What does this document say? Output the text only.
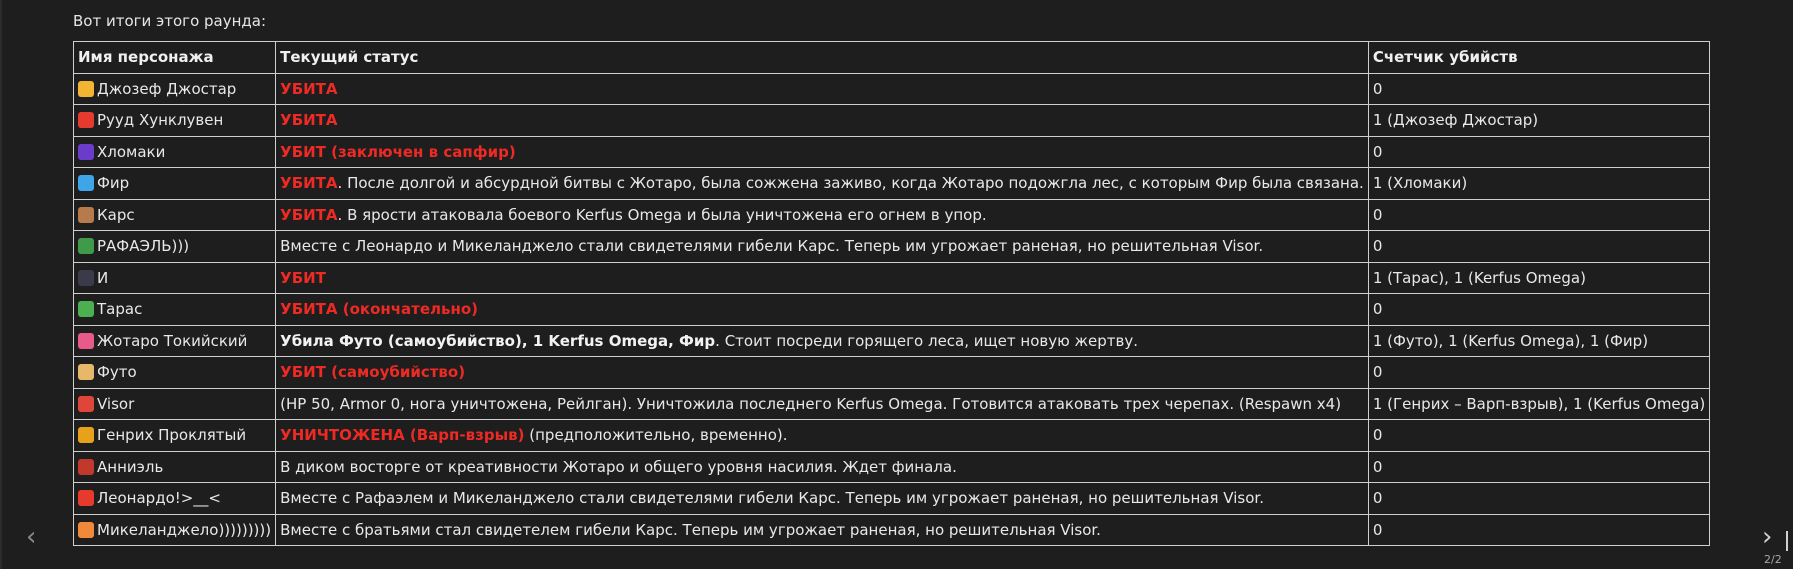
Вот итоги этого раунда:
Имя персонажа	Текущий статус	Счетчик убийств
Джозеф Джостар	УБИТА	0
Рууд Хунклувен	УБИТА	1 (Джозеф Джостар)
Хломаки	УБИТ (заключен в сапфир)	0
Фир	УБИТА. После долгой и абсурдной битвы с Жотаро, была сожжена заживо, когда Жотаро подожгла лес, с которым Фир была связана.	1 (Хломаки)
Карс	УБИТА. В ярости атаковала боевого Kerfus Omega и была уничтожена его огнем в упор.	0
РАФАЭЛЬ)))	Вместе с Леонардо и Микеланджело стали свидетелями гибели Карс. Теперь им угрожает раненая, но решительная Visor.	0
И	УБИТ	1 (Тарас), 1 (Kerfus Omega)
Тарас	УБИТА (окончательно)	0
Жотаро Токийский	Убила Футо (самоубийство), 1 Kerfus Omega, Фир. Стоит посреди горящего леса, ищет новую жертву.	1 (Футо), 1 (Kerfus Omega), 1 (Фир)
Футо	УБИТ (самоубийство)	0
Visor	(HP 50, Armor 0, нога уничтожена, Рейлган). Уничтожила последнего Kerfus Omega. Готовится атаковать трех черепах. (Respawn x4)	1 (Генрих – Варп-взрыв), 1 (Kerfus Omega)
Генрих Проклятый	УНИЧТОЖЕНА (Варп-взрыв) (предположительно, временно).	0
Анниэль	В диком восторге от креативности Жотаро и общего уровня насилия. Ждет финала.	0
Леонардо!>__<	Вместе с Рафаэлем и Микеланджело стали свидетелями гибели Карс. Теперь им угрожает раненая, но решительная Visor.	0
Микеланджело)))))))))	Вместе с братьями стал свидетелем гибели Карс. Теперь им угрожает раненая, но решительная Visor.	0
‹	›
2/2
